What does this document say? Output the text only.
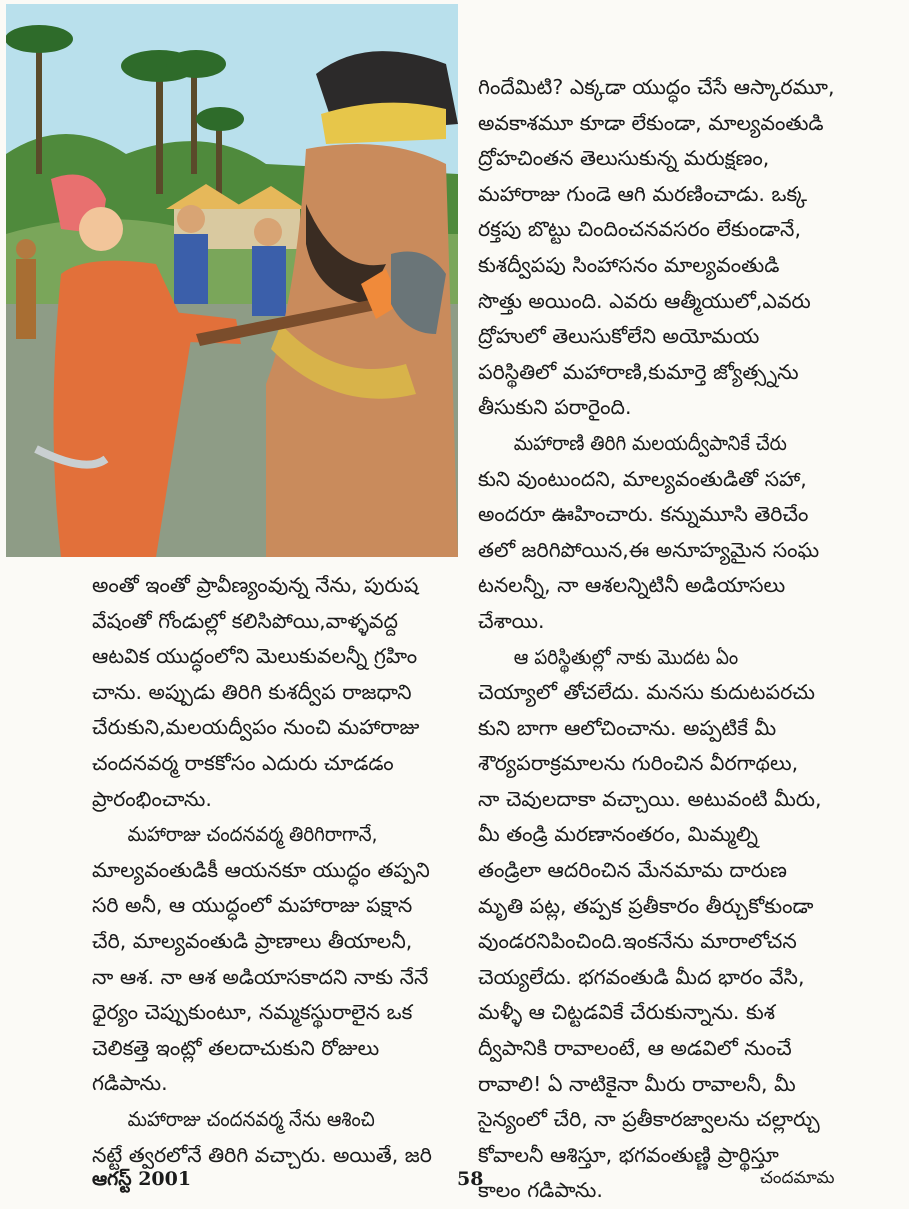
అంతో ఇంతో ప్రావీణ్యంవున్న నేను, పురుష
వేషంతో గోండుల్లో కలిసిపోయి,వాళ్ళవద్ద
ఆటవిక యుద్ధంలోని మెలుకువలన్నీ గ్రహిం
చాను. అప్పుడు తిరిగి కుశద్వీప రాజధాని
చేరుకుని,మలయద్వీపం నుంచి మహారాజు
చందనవర్మ రాకకోసం ఎదురు చూడడం
ప్రారంభించాను.

మహారాజు చందనవర్మ తిరిగిరాగానే,
మాల్యవంతుడికీ ఆయనకూ యుద్ధం తప్పని
సరి అనీ, ఆ యుద్ధంలో మహారాజు పక్షాన
చేరి, మాల్యవంతుడి ప్రాణాలు తీయాలనీ,
నా ఆశ. నా ఆశ అడియాసకాదని నాకు నేనే
ధైర్యం చెప్పుకుంటూ, నమ్మకస్థురాలైన ఒక
చెలికత్తె ఇంట్లో తలదాచుకుని రోజులు
గడిపాను.

మహారాజు చందనవర్మ నేను ఆశించి
నట్టే త్వరలోనే తిరిగి వచ్చారు. అయితే, జరి

గిందేమిటి? ఎక్కడా యుద్ధం చేసే ఆస్కారమూ,
అవకాశమూ కూడా లేకుండా, మాల్యవంతుడి
ద్రోహచింతన తెలుసుకున్న మరుక్షణం,
మహారాజు గుండె ఆగి మరణించాడు. ఒక్క
రక్తపు బొట్టు చిందించనవసరం లేకుండానే,
కుశద్వీపపు సింహాసనం మాల్యవంతుడి
సొత్తు అయింది. ఎవరు ఆత్మీయులో,ఎవరు
ద్రోహులో తెలుసుకోలేని అయోమయ
పరిస్థితిలో మహారాణి,కుమార్తె జ్యోత్స్నను
తీసుకుని పరారైంది.

మహారాణి తిరిగి మలయద్వీపానికే చేరు
కుని వుంటుందని, మాల్యవంతుడితో సహా,
అందరూ ఊహించారు. కన్నుమూసి తెరిచేం
తలో జరిగిపోయిన,ఈ అనూహ్యమైన సంఘ
టనలన్నీ, నా ఆశలన్నిటినీ అడియాసలు
చేశాయి.

ఆ పరిస్థితుల్లో నాకు మొదట ఏం
చెయ్యాలో తోచలేదు. మనసు కుదుటపరచు
కుని బాగా ఆలోచించాను. అప్పటికే మీ
శౌర్యపరాక్రమాలను గురించిన వీరగాథలు,
నా చెవులదాకా వచ్చాయి. అటువంటి మీరు,
మీ తండ్రి మరణానంతరం, మిమ్మల్ని
తండ్రిలా ఆదరించిన మేనమామ దారుణ
మృతి పట్ల, తప్పక ప్రతీకారం తీర్చుకోకుండా
వుండరనిపించింది.ఇంకనేను మారాలోచన
చెయ్యలేదు. భగవంతుడి మీద భారం వేసి,
మళ్ళీ ఆ చిట్టడవికే చేరుకున్నాను. కుశ
ద్వీపానికి రావాలంటే, ఆ అడవిలో నుంచే
రావాలి! ఏ నాటికైనా మీరు రావాలనీ, మీ
సైన్యంలో చేరి, నా ప్రతీకారజ్వాలను చల్లార్చు
కోవాలనీ ఆశిస్తూ, భగవంతుణ్ణి ప్రార్థిస్తూ
కాలం గడిపాను.

ఆగస్ట్ 2001	58	చందమామ
